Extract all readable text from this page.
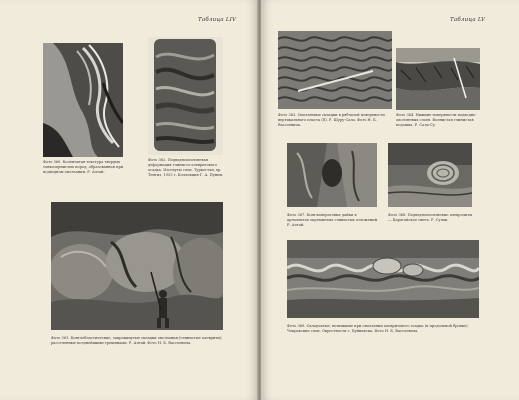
Таблица LIV
Фото 360. Коленчатая текстура твердых тонкозернистых пород, образованная при подводном оползании. Р. Алтай.
Фото 362. Подводнооползневая деформация глинисто-алевритового осадка. Изогнуты слои, Туркестан, хр. Тенгиз, 1953 г. Коллекция Г. А. Пунин.
Фото 361. Конглобластические, запрокинутые складки оползания (глинистые алевриты), рассеченные позднейшими трещинами. Р. Алтай. Фото Н. Б. Вассоевича.
Таблица LV
Фото 363. Оползневые складки в рябчатой поверхности вертикального пласта (Ξ). Р. Шуру-Сала. Фото Н. Б. Вассоевича.
Фото 364. Нижние поверхности подводно-оползневых слоев. Волнистая глинистая подошва. Р. Сала-Су.
Фото 367. Конгломератовые дайки в аргиллитах окремнелых глинистых отложений. Р. Алтай.
Фото 368. Подводнооползневые алевролиты — Карагайское свита. Р. Сулак.
Фото 369. Складчатые, возникшие при оползании алевритового осадка (к продольной бровке). Чокракские слои. Окрестности г. Буйнакска. Фото Н. Б. Вассоевича.
